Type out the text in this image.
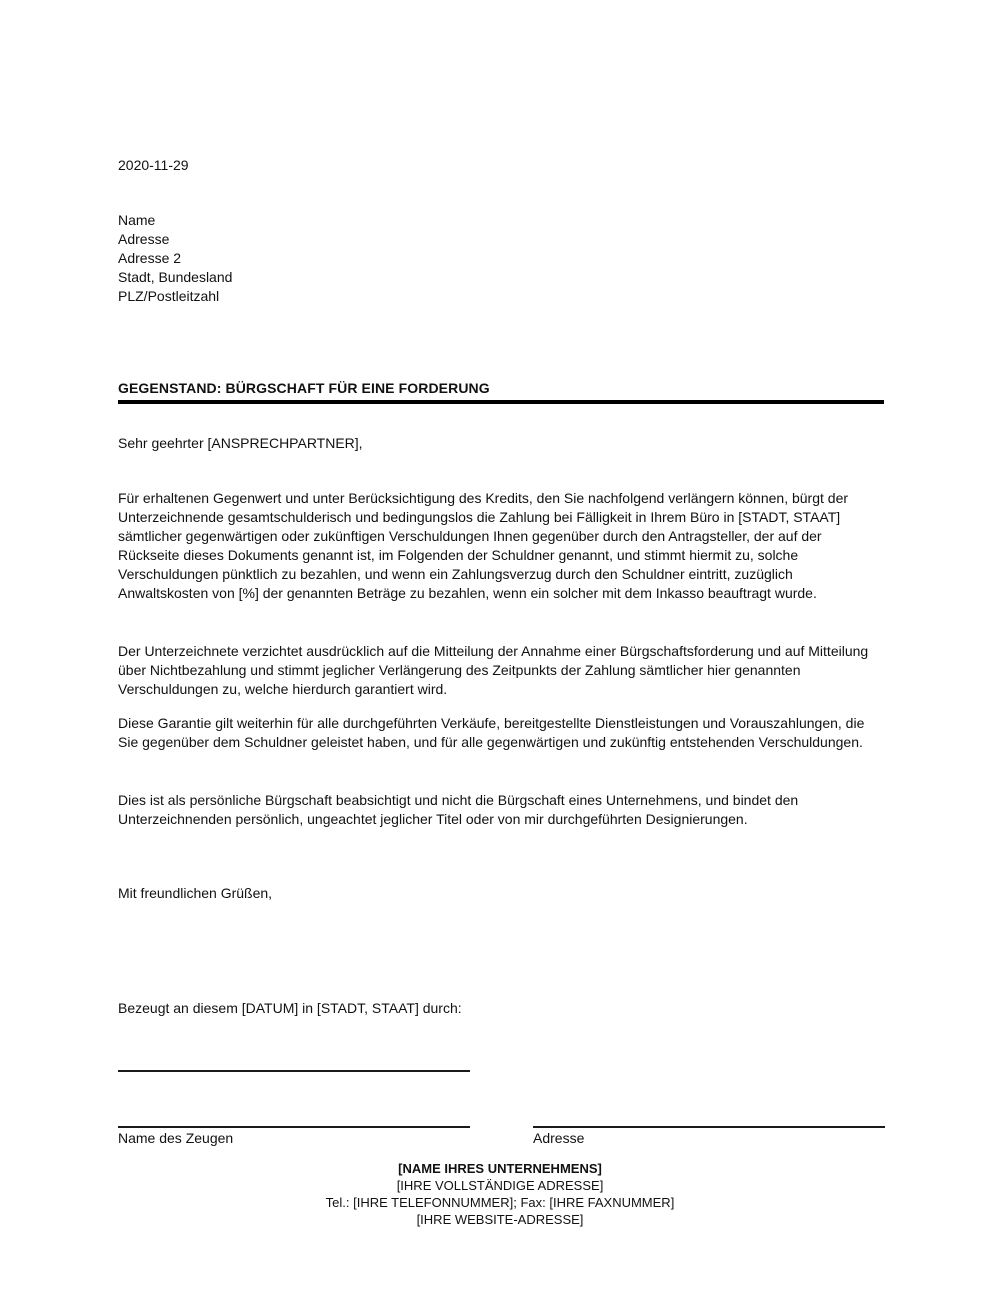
2020-11-29
Name
Adresse
Adresse 2
Stadt, Bundesland
PLZ/Postleitzahl
GEGENSTAND: BÜRGSCHAFT FÜR EINE FORDERUNG
Sehr geehrter [ANSPRECHPARTNER],
Für erhaltenen Gegenwert und unter Berücksichtigung des Kredits, den Sie nachfolgend verlängern können, bürgt der Unterzeichnende gesamtschulderisch und bedingungslos die Zahlung bei Fälligkeit in Ihrem Büro in [STADT, STAAT] sämtlicher gegenwärtigen oder zukünftigen Verschuldungen Ihnen gegenüber durch den Antragsteller, der auf der Rückseite dieses Dokuments genannt ist, im Folgenden der Schuldner genannt, und stimmt hiermit zu, solche Verschuldungen pünktlich zu bezahlen, und wenn ein Zahlungsverzug durch den Schuldner eintritt, zuzüglich Anwaltskosten von [%] der genannten Beträge zu bezahlen, wenn ein solcher mit dem Inkasso beauftragt wurde.
Der Unterzeichnete verzichtet ausdrücklich auf die Mitteilung der Annahme einer Bürgschaftsforderung und auf Mitteilung über Nichtbezahlung und stimmt jeglicher Verlängerung des Zeitpunkts der Zahlung sämtlicher hier genannten Verschuldungen zu, welche hierdurch garantiert wird.
Diese Garantie gilt weiterhin für alle durchgeführten Verkäufe, bereitgestellte Dienstleistungen und Vorauszahlungen, die Sie gegenüber dem Schuldner geleistet haben, und für alle gegenwärtigen und zukünftig entstehenden Verschuldungen.
Dies ist als persönliche Bürgschaft beabsichtigt und nicht die Bürgschaft eines Unternehmens, und bindet den Unterzeichnenden persönlich, ungeachtet jeglicher Titel oder von mir durchgeführten Designierungen.
Mit freundlichen Grüßen,
Bezeugt an diesem [DATUM] in [STADT, STAAT] durch:
Name des Zeugen	Adresse
[NAME IHRES UNTERNEHMENS]
[IHRE VOLLSTÄNDIGE ADRESSE]
Tel.: [IHRE TELEFONNUMMER]; Fax: [IHRE FAXNUMMER]
[IHRE WEBSITE-ADRESSE]
